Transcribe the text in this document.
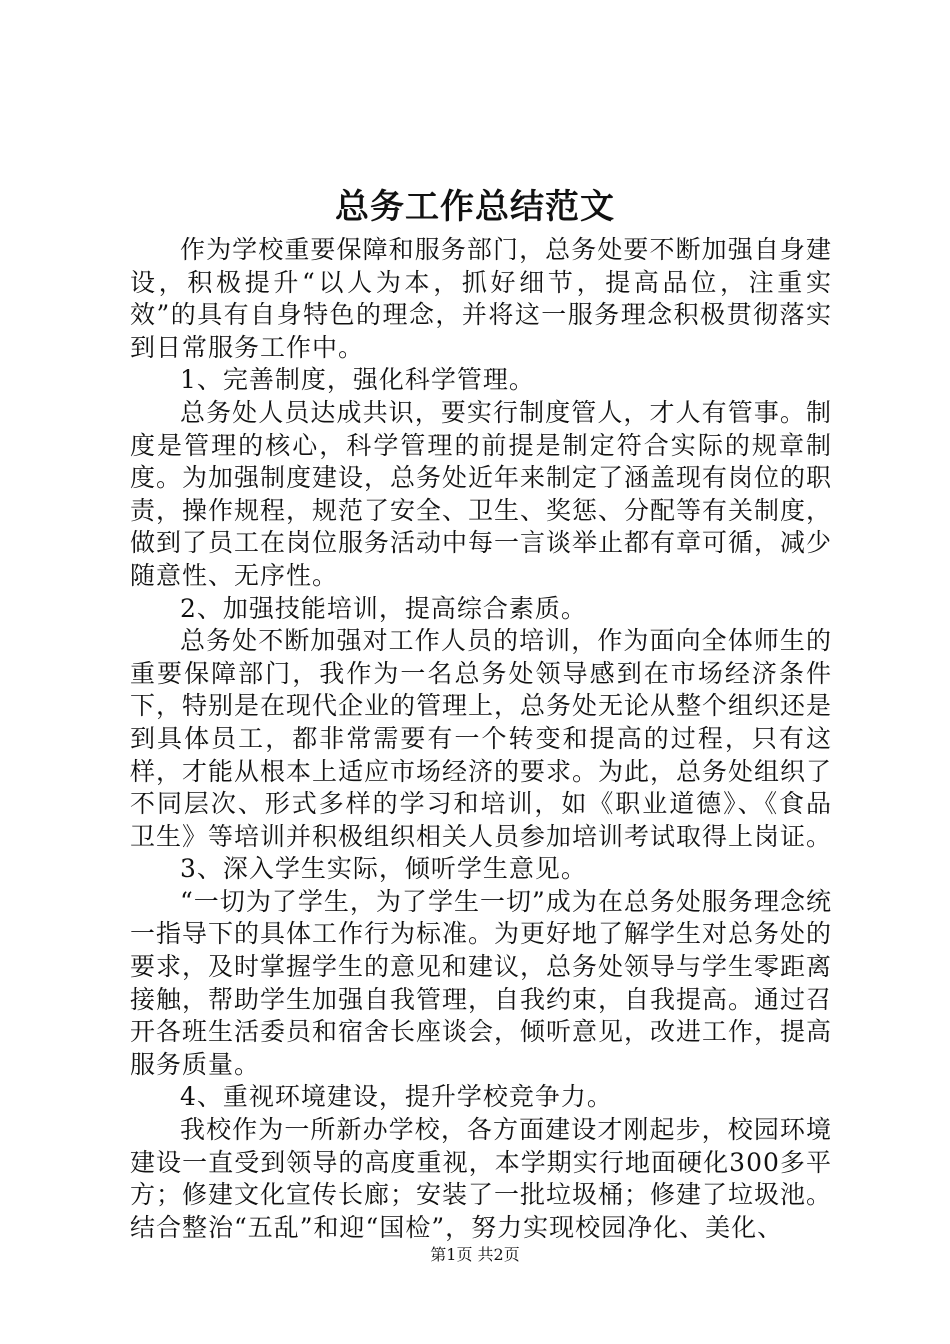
总务工作总结范文

作为学校重要保障和服务部门，总务处要不断加强自身建设，积极提升“以人为本，抓好细节，提高品位，注重实效”的具有自身特色的理念，并将这一服务理念积极贯彻落实到日常服务工作中。

1、完善制度，强化科学管理。

总务处人员达成共识，要实行制度管人，才人有管事。制度是管理的核心，科学管理的前提是制定符合实际的规章制度。为加强制度建设，总务处近年来制定了涵盖现有岗位的职责，操作规程，规范了安全、卫生、奖惩、分配等有关制度，做到了员工在岗位服务活动中每一言谈举止都有章可循，减少随意性、无序性。

2、加强技能培训，提高综合素质。

总务处不断加强对工作人员的培训，作为面向全体师生的重要保障部门，我作为一名总务处领导感到在市场经济条件下，特别是在现代企业的管理上，总务处无论从整个组织还是到具体员工，都非常需要有一个转变和提高的过程，只有这样，才能从根本上适应市场经济的要求。为此，总务处组织了不同层次、形式多样的学习和培训，如《职业道德》、《食品卫生》等培训并积极组织相关人员参加培训考试取得上岗证。

3、深入学生实际，倾听学生意见。

“一切为了学生，为了学生一切”成为在总务处服务理念统一指导下的具体工作行为标准。为更好地了解学生对总务处的要求，及时掌握学生的意见和建议，总务处领导与学生零距离接触，帮助学生加强自我管理，自我约束，自我提高。通过召开各班生活委员和宿舍长座谈会，倾听意见，改进工作，提高服务质量。

4、重视环境建设，提升学校竞争力。

我校作为一所新办学校，各方面建设才刚起步，校园环境建设一直受到领导的高度重视，本学期实行地面硬化300多平方；修建文化宣传长廊；安装了一批垃圾桶；修建了垃圾池。结合整治“五乱”和迎“国检”，努力实现校园净化、美化、

第1页 共2页
